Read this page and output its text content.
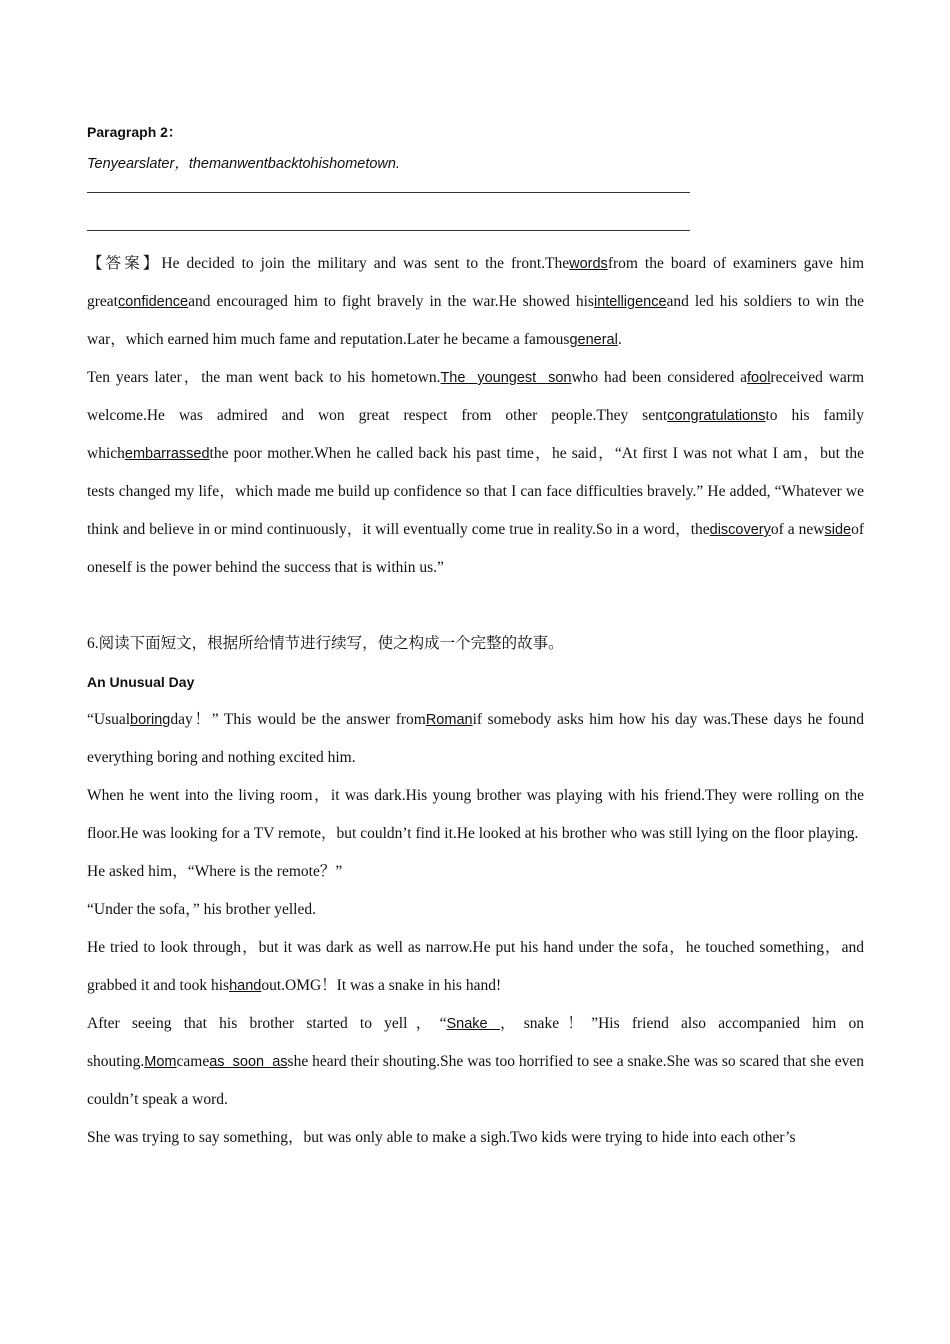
Paragraph 2：

Tenyearslater，themanwentbacktohishometown.

【答案】He decided to join the military and was sent to the front.Thewordsfrom the board of examiners gave him greatconfidenceand encouraged him to fight bravely in the war.He showed hisintelligenceand led his soldiers to win the war，which earned him much fame and reputation.Later he became a famousgeneral.

Ten years later，the man went back to his hometown.The  youngest  sonwho had been considered afoolreceived warm welcome.He was admired and won great respect from other people.They sentcongratulationsto his family whichembarrassedthe poor mother.When he called back his past time，he said，“At first I was not what I am，but the tests changed my life，which made me build up confidence so that I can face difficulties bravely.” He added, “Whatever we think and believe in or mind continuously，it will eventually come true in reality.So in a word，thediscoveryof a newsideof oneself is the power behind the success that is within us.”

6.阅读下面短文，根据所给情节进行续写，使之构成一个完整的故事。

An Unusual Day

“Usualboringday！” This would be the answer fromRomanif somebody asks him how his day was.These days he found everything boring and nothing excited him.

When he went into the living room，it was dark.His young brother was playing with his friend.They were rolling on the floor.He was looking for a TV remote，but couldn’t find it.He looked at his brother who was still lying on the floor playing.

He asked him，“Where is the remote？”

“Under the sofa，” his brother yelled.

He tried to look through，but it was dark as well as narrow.He put his hand under the sofa，he touched something，and grabbed it and took hishandout.OMG！It was a snake in his hand!

After seeing that his brother started to yell，“Snake ，snake！”His friend also accompanied him on shouting.Momcameas  soon  asshe heard their shouting.She was too horrified to see a snake.She was so scared that she even couldn’t speak a word.

She was trying to say something，but was only able to make a sigh.Two kids were trying to hide into each other’s
